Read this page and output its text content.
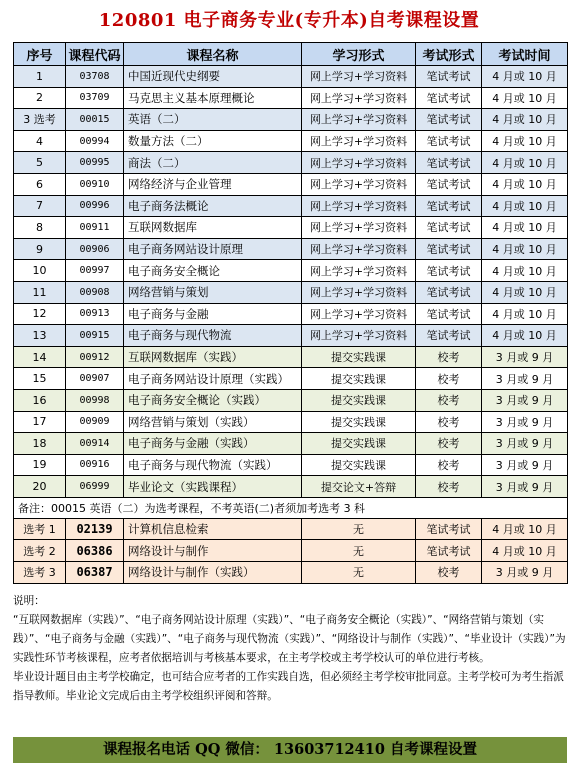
120801 电子商务专业(专升本)自考课程设置
序号	课程代码	课程名称	学习形式	考试形式	考试时间
1	03708	中国近现代史纲要	网上学习+学习资料	笔试考试	4 月或 10 月
2	03709	马克思主义基本原理概论	网上学习+学习资料	笔试考试	4 月或 10 月
3 选考	00015	英语（二）	网上学习+学习资料	笔试考试	4 月或 10 月
4	00994	数量方法（二）	网上学习+学习资料	笔试考试	4 月或 10 月
5	00995	商法（二）	网上学习+学习资料	笔试考试	4 月或 10 月
6	00910	网络经济与企业管理	网上学习+学习资料	笔试考试	4 月或 10 月
7	00996	电子商务法概论	网上学习+学习资料	笔试考试	4 月或 10 月
8	00911	互联网数据库	网上学习+学习资料	笔试考试	4 月或 10 月
9	00906	电子商务网站设计原理	网上学习+学习资料	笔试考试	4 月或 10 月
10	00997	电子商务安全概论	网上学习+学习资料	笔试考试	4 月或 10 月
11	00908	网络营销与策划	网上学习+学习资料	笔试考试	4 月或 10 月
12	00913	电子商务与金融	网上学习+学习资料	笔试考试	4 月或 10 月
13	00915	电子商务与现代物流	网上学习+学习资料	笔试考试	4 月或 10 月
14	00912	互联网数据库（实践）	提交实践课	校考	3 月或 9 月
15	00907	电子商务网站设计原理（实践）	提交实践课	校考	3 月或 9 月
16	00998	电子商务安全概论（实践）	提交实践课	校考	3 月或 9 月
17	00909	网络营销与策划（实践）	提交实践课	校考	3 月或 9 月
18	00914	电子商务与金融（实践）	提交实践课	校考	3 月或 9 月
19	00916	电子商务与现代物流（实践）	提交实践课	校考	3 月或 9 月
20	06999	毕业论文（实践课程）	提交论文+答辩	校考	3 月或 9 月
备注：00015 英语（二）为选考课程，不考英语(二)者须加考选考 3 科					
选考 1	02139	计算机信息检索	无	笔试考试	4 月或 10 月
选考 2	06386	网络设计与制作	无	笔试考试	4 月或 10 月
选考 3	06387	网络设计与制作（实践）	无	校考	3 月或 9 月

说明：

“互联网数据库（实践）”、“电子商务网站设计原理（实践）”、“电子商务安全概论（实践）”、“网络营销与策划（实践）”、“电子商务与金融（实践）”、“电子商务与现代物流（实践）”、“网络设计与制作（实践）”、“毕业设计（实践）”为实践性环节考核课程，应考者依据培训与考核基本要求，在主考学校或主考学校认可的单位进行考核。

毕业设计题目由主考学校确定，也可结合应考者的工作实践自选，但必须经主考学校审批同意。主考学校可为考生指派指导教师。毕业论文完成后由主考学校组织评阅和答辩。

课程报名电话 QQ 微信： 13603712410 自考课程设置
